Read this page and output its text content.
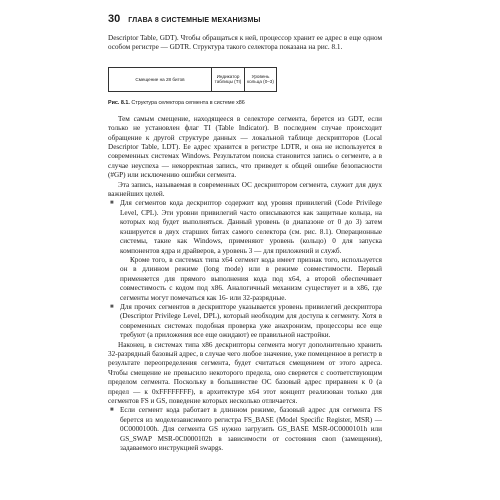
30 ГЛАВА 8 СИСТЕМНЫЕ МЕХАНИЗМЫ

Descriptor Table, GDT). Чтобы обращаться к ней, процессор хранит ее адрес в еще одном особом регистре — GDTR. Структура такого селектора показана на рис. 8.1.

Смещение на 28 битов	Индикатор таблицы (TI)	Уровень кольца (0–3)
Рис. 8.1. Структура селектора сегмента в системе x86

Тем самым смещение, находящееся в селекторе сегмента, берется из GDT, если только не установлен флаг TI (Table Indicator). В последнем случае происходит обращение к другой структуре данных — локальной таблице дескрипторов (Local Descriptor Table, LDT). Ее адрес хранится в регистре LDTR, и она не используется в современных системах Windows. Результатом поиска становится запись о сегменте, а в случае неуспеха — некорректная запись, что приведет к общей ошибке безопасности (#GP) или исключению ошибки сегмента.

Эта запись, называемая в современных ОС дескриптором сегмента, служит для двух важнейших целей.

■ Для сегментов кода дескриптор содержит код уровня привилегий (Code Privilege Level, CPL). Эти уровни привилегий часто описываются как защитные кольца, на которых код будет выполняться. Данный уровень (в диапазоне от 0 до 3) затем кэшируется в двух старших битах самого селектора (см. рис. 8.1). Операционные системы, такие как Windows, применяют уровень (кольцо) 0 для запуска компонентов ядра и драйверов, а уровень 3 — для приложений и служб.

Кроме того, в системах типа x64 сегмент кода имеет признак того, используется он в длинном режиме (long mode) или в режиме совместимости. Первый применяется для прямого выполнения кода под x64, а второй обеспечивает совместимость с кодом под x86. Аналогичный механизм существует и в x86, где сегменты могут помечаться как 16- или 32-разрядные.

■ Для прочих сегментов в дескрипторе указывается уровень привилегий дескриптора (Descriptor Privilege Level, DPL), который необходим для доступа к сегменту. Хотя в современных системах подобная проверка уже анахронизм, процессоры все еще требуют (а приложения все еще ожидают) ее правильной настройки.

Наконец, в системах типа x86 дескрипторы сегмента могут дополнительно хранить 32-разрядный базовый адрес, в случае чего любое значение, уже помещенное в регистр в результате переопределения сегмента, будет считаться смещением от этого адреса. Чтобы смещение не превысило некоторого предела, оно сверяется с соответствующим пределом сегмента. Поскольку в большинстве ОС базовый адрес приравнен к 0 (а предел — к 0xFFFFFFFF), в архитектуре x64 этот концепт реализован только для сегментов FS и GS, поведение которых несколько отличается.

■ Если сегмент кода работает в длинном режиме, базовый адрес для сегмента FS берется из моделезависимого регистра FS_BASE (Model Specific Register, MSR) — 0C0000100h. Для сегмента GS нужно загрузить GS_BASE MSR-0C0000101h или GS_SWAP MSR-0C0000102h в зависимости от состояния своп (замещения), задаваемого инструкцией swapgs.
